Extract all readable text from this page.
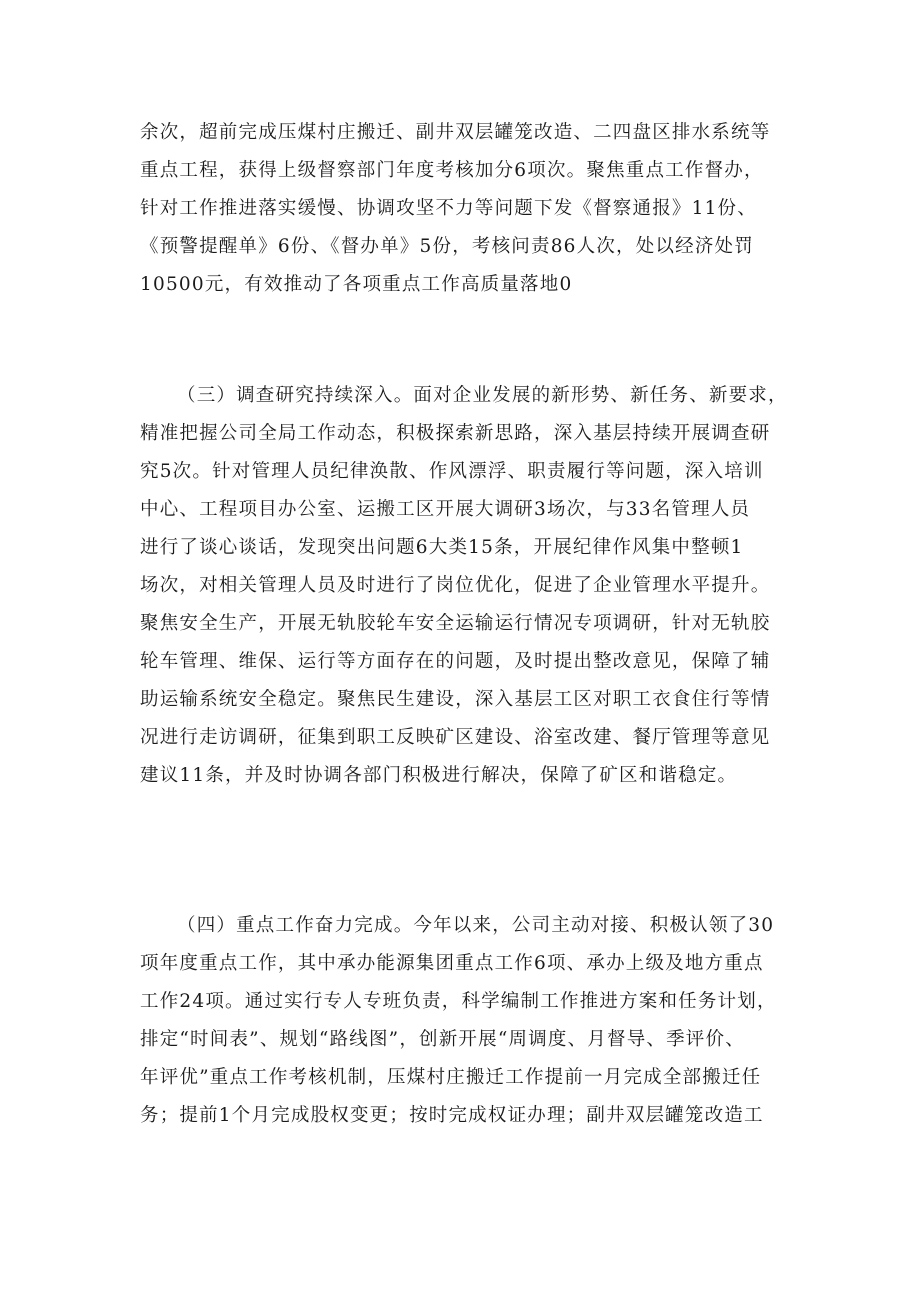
余次，超前完成压煤村庄搬迁、副井双层罐笼改造、二四盘区排水系统等
重点工程，获得上级督察部门年度考核加分6项次。聚焦重点工作督办，
针对工作推进落实缓慢、协调攻坚不力等问题下发《督察通报》11份、
《预警提醒单》6份、《督办单》5份，考核问责86人次，处以经济处罚
10500元，有效推动了各项重点工作高质量落地0

（三）调查研究持续深入。面对企业发展的新形势、新任务、新要求，
精准把握公司全局工作动态，积极探索新思路，深入基层持续开展调查研
究5次。针对管理人员纪律涣散、作风漂浮、职责履行等问题，深入培训
中心、工程项目办公室、运搬工区开展大调研3场次，与33名管理人员
进行了谈心谈话，发现突出问题6大类15条，开展纪律作风集中整顿1
场次，对相关管理人员及时进行了岗位优化，促进了企业管理水平提升。
聚焦安全生产，开展无轨胶轮车安全运输运行情况专项调研，针对无轨胶
轮车管理、维保、运行等方面存在的问题，及时提出整改意见，保障了辅
助运输系统安全稳定。聚焦民生建设，深入基层工区对职工衣食住行等情
况进行走访调研，征集到职工反映矿区建设、浴室改建、餐厅管理等意见
建议11条，并及时协调各部门积极进行解决，保障了矿区和谐稳定。

（四）重点工作奋力完成。今年以来，公司主动对接、积极认领了30
项年度重点工作，其中承办能源集团重点工作6项、承办上级及地方重点
工作24项。通过实行专人专班负责，科学编制工作推进方案和任务计划，
排定“时间表”、规划“路线图”，创新开展“周调度、月督导、季评价、
年评优”重点工作考核机制，压煤村庄搬迁工作提前一月完成全部搬迁任
务；提前1个月完成股权变更；按时完成权证办理；副井双层罐笼改造工
